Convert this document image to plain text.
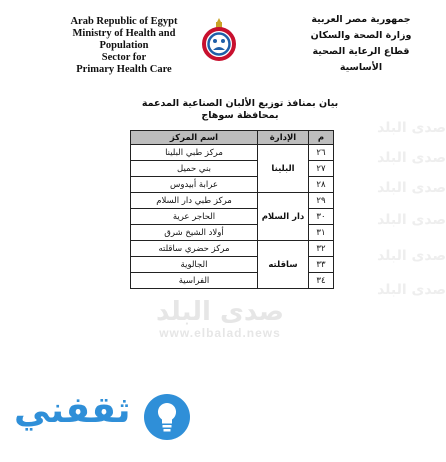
صدى البلد
صدى البلد
صدى البلد
صدى البلد
صدى البلد
صدى البلد
Arab Republic of Egypt
Ministry of Health and Population
Sector for
Primary Health Care
جمهورية مصر العربية
وزارة الصحة والسكان
قطاع الرعاية الصحية الأساسية
بيان بمنافذ توزيع الألبان الصناعية المدعمة
بمحافظة سوهاج
م	الإدارة	اسم المركز
٢٦	البلينا	مركز طبي البلينا
٢٧		بني حميل
٢٨		عرابة أبيدوس
٢٩	دار السلام	مركز طبي دار السلام
٣٠		الحاجر عرية
٣١		أولاد الشيخ شرق
٣٢	ساقلته	مركز حضري ساقلته
٣٣		الجالوية
٣٤		الفراسية
صدى البلد
www.elbalad.news
ثقفني
